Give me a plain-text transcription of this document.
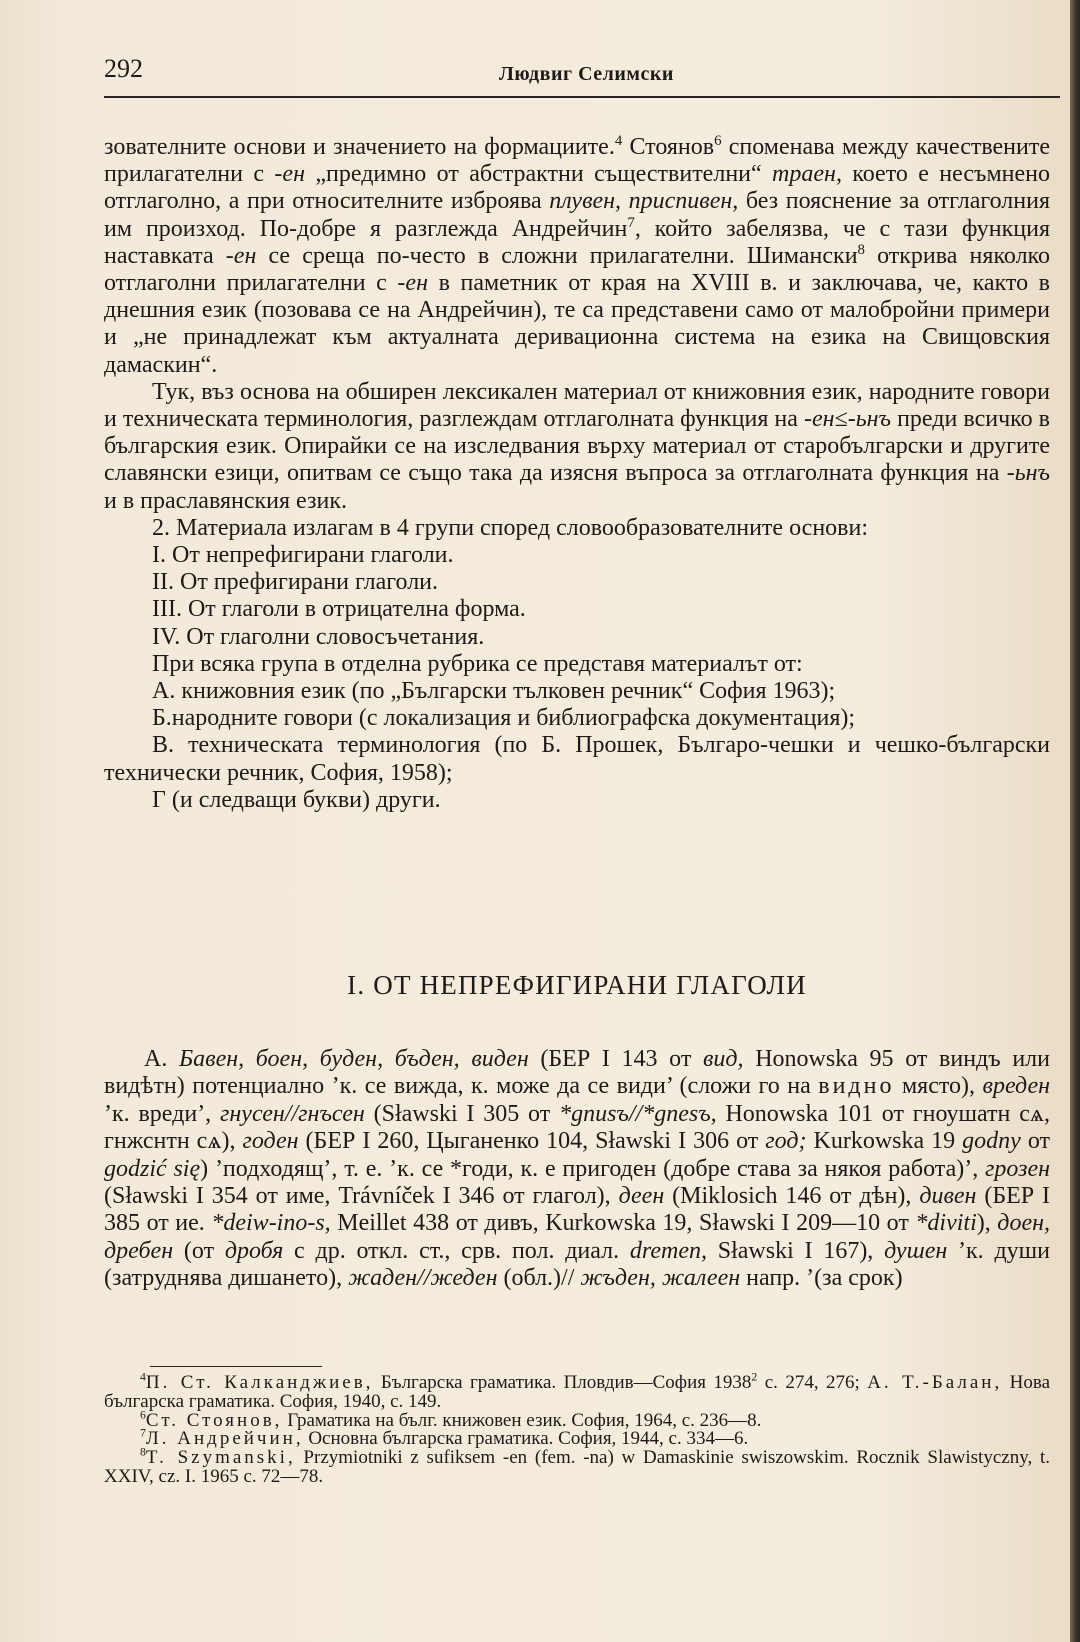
292	Людвиг Селимски

зователните основи и значението на формациите.$^4$ Стоянов$^6$ споменава между качествените прилагателни с -ен „предимно от абстрактни съществителни“ траен, което е несъмнено отглаголно, а при относителните изброява плувен, приспивен, без пояснение за отглаголния им произход. По-добре я разглежда Андрейчин$^7$, който забелязва, че с тази функция наставката -ен се среща по-често в сложни прилагателни. Шимански$^8$ открива няколко отглаголни прилагателни с -ен в паметник от края на XVIII в. и заключава, че, както в днешния език (позовава се на Андрейчин), те са представени само от малобройни примери и „не принадлежат към актуалната деривационна система на езика на Свищовския дамаскин“.

Тук, въз основа на обширен лексикален материал от книжовния език, народните говори и техническата терминология, разглеждам отглаголната функция на -ен≤-ьнъ преди всичко в българския език. Опирайки се на изследвания върху материал от старобългарски и другите славянски езици, опитвам се също така да изясня въпроса за отглаголната функция на -ьнъ и в праславянския език.

2. Материала излагам в 4 групи според словообразователните основи:

I. От непрефигирани глаголи.
II. От префигирани глаголи.
III. От глаголи в отрицателна форма.
IV. От глаголни словосъчетания.

При всяка група в отделна рубрика се представя материалът от:

А. книжовния език (по „Български тълковен речник“ София 1963);

Б.народните говори (с локализация и библиографска документация);

В. техническата терминология (по Б. Прошек, Българо-чешки и чешко-български технически речник, София, 1958);

Г (и следващи букви) други.

I. ОТ НЕПРЕФИГИРАНИ ГЛАГОЛИ

А. Бавен, боен, буден, бъден, виден (БЕР I 143 от вид, Honowska 95 от виндъ или видѣтн) потенциално ’к. се вижда, к. може да се види’ (сложи го на видно място), вреден ’к. вреди’, гнусен//гнъсен (Sławski I 305 от *gnusъ//*gnesъ, Honowska 101 от гноушатн сѧ, гнжснтн сѧ), годен (БЕР I 260, Цыганенко 104, Sławski I 306 от год; Kurkowska 19 godny от godzić się) ’подходящ’, т. е. ’к. се *годи, к. е пригоден (добре става за някоя работа)’, грозен (Sławski I 354 от име, Trávníček I 346 от глагол), деен (Miklosich 146 от дѣн), дивен (БЕР I 385 от ие. *deiw-ino-s, Meillet 438 от дивъ, Kurkowska 19, Sławski I 209—10 от *diviti), доен, дребен (от дробя с др. откл. ст., срв. пол. диал. dremen, Sławski I 167), душен ’к. души (затруднява дишането), жаден//жеден (обл.)// жъден, жалеен напр. ’(за срок)

$^4$П. Ст. Калканджиев, Българска граматика. Пловдив—София 1938$^2$ с. 274, 276; А. Т.-Балан, Нова българска граматика. София, 1940, с. 149.

$^6$Ст. Стоянов, Граматика на бълг. книжовен език. София, 1964, с. 236—8.

$^7$Л. Андрейчин, Основна българска граматика. София, 1944, с. 334—6.

$^8$T. Szymanski, Przymiotniki z sufiksem -en (fem. -na) w Damaskinie swiszowskim. Rocznik Slawistyczny, t. XXIV, cz. I. 1965 c. 72—78.
